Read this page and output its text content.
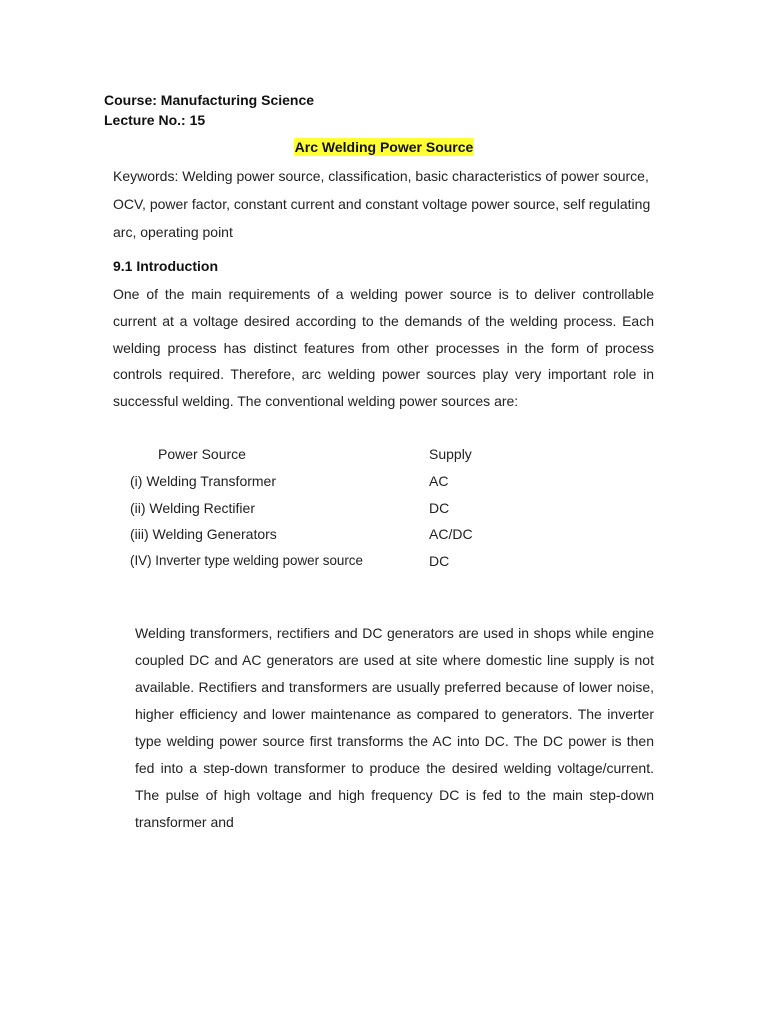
Course: Manufacturing Science
Lecture No.: 15
Arc Welding Power Source

Keywords: Welding power source, classification, basic characteristics of power source, OCV, power factor, constant current and constant voltage power source, self regulating arc, operating point

9.1 Introduction

One of the main requirements of a welding power source is to deliver controllable current at a voltage desired according to the demands of the welding process. Each welding process has distinct features from other processes in the form of process controls required. Therefore, arc welding power sources play very important role in successful welding. The conventional welding power sources are:

Power Source	Supply
(i) Welding Transformer	AC
(ii) Welding Rectifier	DC
(iii) Welding Generators	AC/DC
(IV) Inverter type welding power source	DC

Welding transformers, rectifiers and DC generators are used in shops while engine coupled DC and AC generators are used at site where domestic line supply is not available. Rectifiers and transformers are usually preferred because of lower noise, higher efficiency and lower maintenance as compared to generators. The inverter type welding power source first transforms the AC into DC. The DC power is then fed into a step-down transformer to produce the desired welding voltage/current. The pulse of high voltage and high frequency DC is fed to the main step-down transformer and
